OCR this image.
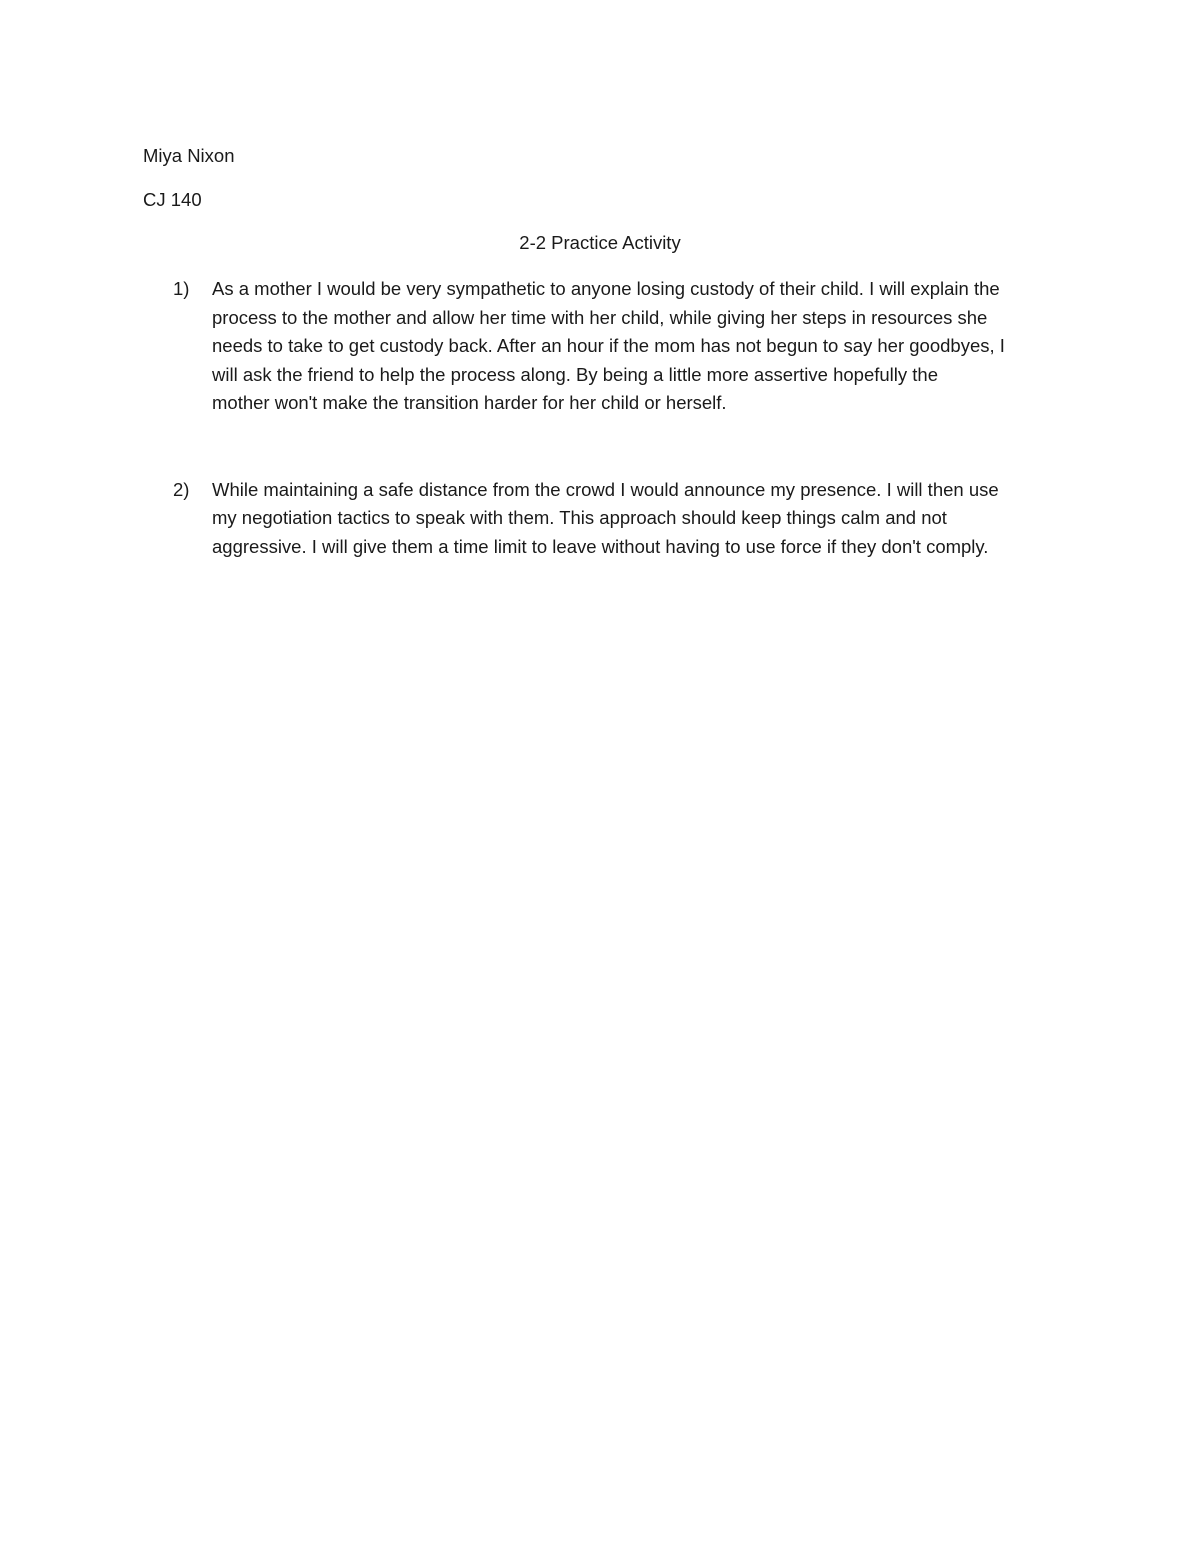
Miya Nixon
CJ 140
2-2 Practice Activity
1) As a mother I would be very sympathetic to anyone losing custody of their child. I will explain the
process to the mother and allow her time with her child, while giving her steps in resources she
needs to take to get custody back. After an hour if the mom has not begun to say her goodbyes, I
will ask the friend to help the process along. By being a little more assertive hopefully the
mother won't make the transition harder for her child or herself.
2) While maintaining a safe distance from the crowd I would announce my presence. I will then use
my negotiation tactics to speak with them. This approach should keep things calm and not
aggressive. I will give them a time limit to leave without having to use force if they don't comply.
